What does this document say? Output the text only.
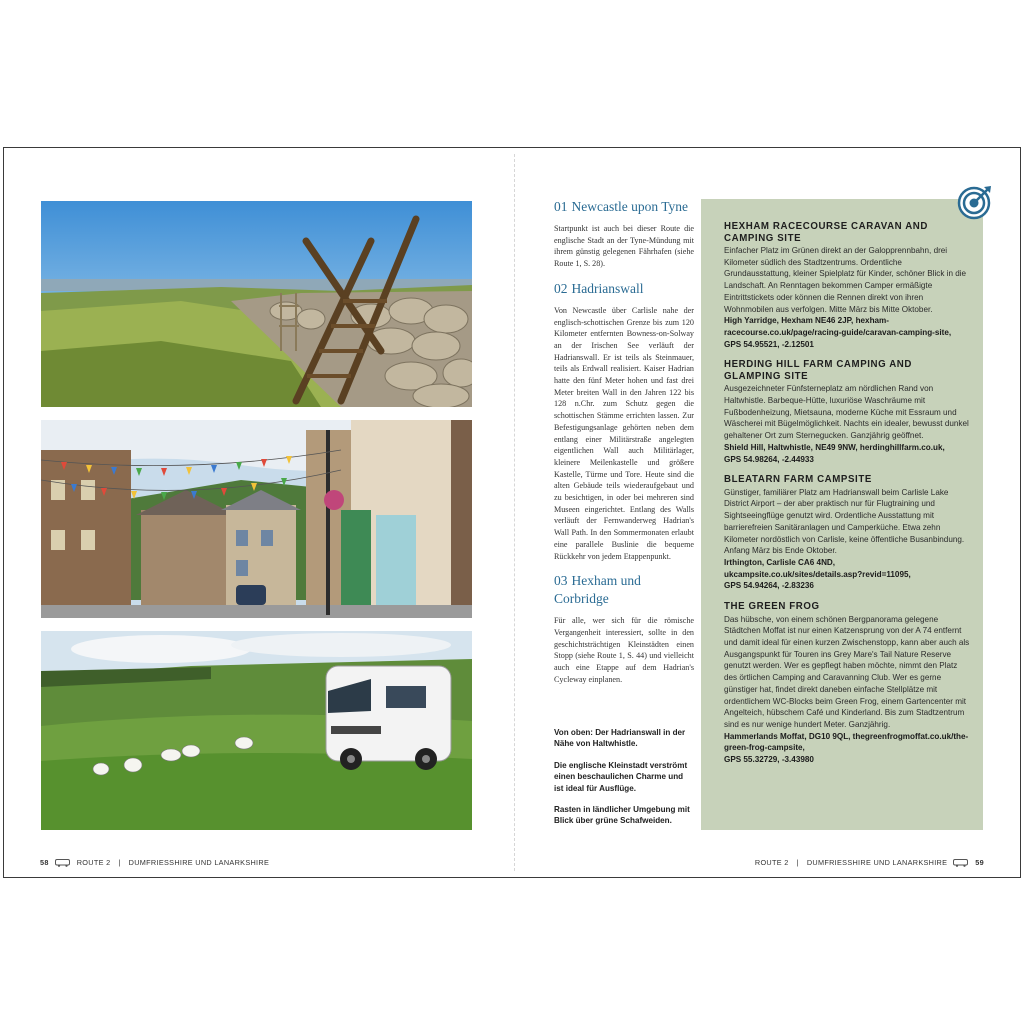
01 Newcastle upon Tyne

Startpunkt ist auch bei dieser Route die englische Stadt an der Tyne-Mündung mit ihrem günstig gelegenen Fährhafen (siehe Route 1, S. 28).

02 Hadrianswall

Von Newcastle über Carlisle nahe der englisch-schottischen Grenze bis zum 120 Kilometer entfernten Bowness-on-Solway an der Irischen See verläuft der Hadrianswall. Er ist teils als Steinmauer, teils als Erdwall realisiert. Kaiser Hadrian hatte den fünf Meter hohen und fast drei Meter breiten Wall in den Jahren 122 bis 128 n.Chr. zum Schutz gegen die schottischen Stämme errichten lassen. Zur Befestigungsanlage gehörten neben dem entlang einer Militärstraße angelegten eigentlichen Wall auch Militärlager, kleinere Meilenkastelle und größere Kastelle, Türme und Tore. Heute sind die alten Gebäude teils wiederaufgebaut und zu besichtigen, in oder bei mehreren sind Museen eingerichtet. Entlang des Walls verläuft der Fernwanderweg Hadrian's Wall Path. In den Sommermonaten erlaubt eine parallele Buslinie die bequeme Rückkehr von jedem Etappenpunkt.

03 Hexham und Corbridge

Für alle, wer sich für die römische Vergangenheit interessiert, sollte in den geschichtsträchtigen Kleinstädten einen Stopp (siehe Route 1, S. 44) und vielleicht auch eine Etappe auf dem Hadrian's Cycleway einplanen.

Von oben: Der Hadrianswall in der Nähe von Haltwhistle.

Die englische Kleinstadt verströmt einen beschaulichen Charme und ist ideal für Ausflüge.

Rasten in ländlicher Umgebung mit Blick über grüne Schafweiden.

HEXHAM RACECOURSE CARAVAN AND CAMPING SITE

Einfacher Platz im Grünen direkt an der Galopprennbahn, drei Kilometer südlich des Stadtzentrums. Ordentliche Grundausstattung, kleiner Spielplatz für Kinder, schöner Blick in die Landschaft. An Renntagen bekommen Camper ermäßigte Eintrittstickets oder können die Rennen direkt von ihren Wohnmobilen aus verfolgen. Mitte März bis Mitte Oktober.

High Yarridge, Hexham NE46 2JP, hexham-racecourse.co.uk/page/racing-guide/caravan-camping-site,

GPS 54.95521, -2.12501

HERDING HILL FARM CAMPING AND GLAMPING SITE

Ausgezeichneter Fünfsterneplatz am nördlichen Rand von Haltwhistle. Barbeque-Hütte, luxuriöse Waschräume mit Fußbodenheizung, Mietsauna, moderne Küche mit Essraum und Wäscherei mit Bügelmöglichkeit. Nachts ein idealer, bewusst dunkel gehaltener Ort zum Sternegucken. Ganzjährig geöffnet.

Shield Hill, Haltwhistle, NE49 9NW, herdinghillfarm.co.uk,

GPS 54.98264, -2.44933

BLEATARN FARM CAMPSITE

Günstiger, familiärer Platz am Hadrianswall beim Carlisle Lake District Airport – der aber praktisch nur für Flugtraining und Sightseeingflüge genutzt wird. Ordentliche Ausstattung mit barrierefreien Sanitäranlagen und Camperküche. Etwa zehn Kilometer nordöstlich von Carlisle, keine öffentliche Busanbindung. Anfang März bis Ende Oktober.

Irthington, Carlisle CA6 4ND, ukcampsite.co.uk/sites/details.asp?revid=11095,

GPS 54.94264, -2.83236

THE GREEN FROG

Das hübsche, von einem schönen Bergpanorama gelegene Städtchen Moffat ist nur einen Katzensprung von der A 74 entfernt und damit ideal für einen kurzen Zwischenstopp, kann aber auch als Ausgangspunkt für Touren ins Grey Mare's Tail Nature Reserve genutzt werden. Wer es gepflegt haben möchte, nimmt den Platz des örtlichen Camping and Caravanning Club. Wer es gerne günstiger hat, findet direkt daneben einfache Stellplätze mit ordentlichem WC-Blocks beim Green Frog, einem Gartencenter mit Angelteich, hübschem Café und Kinderland. Bis zum Stadtzentrum sind es nur wenige hundert Meter. Ganzjährig.

Hammerlands Moffat, DG10 9QL, thegreenfrogmoffat.co.uk/the-green-frog-campsite,

GPS 55.32729, -3.43980

58	ROUTE 2 | DUMFRIESSHIRE UND LANARKSHIRE	ROUTE 2 | DUMFRIESSHIRE UND LANARKSHIRE	59
